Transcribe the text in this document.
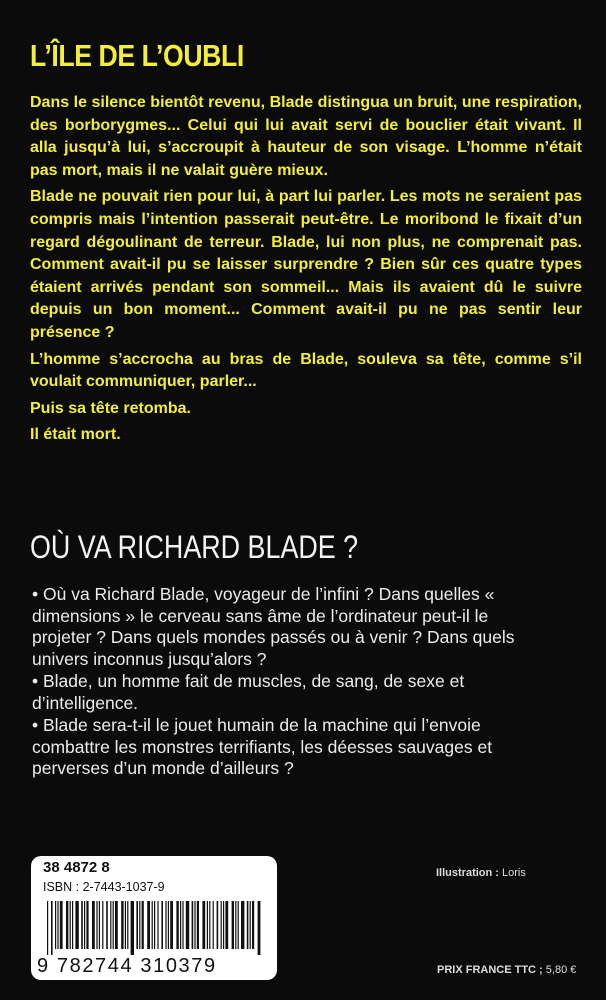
L’ÎLE DE L’OUBLI

Dans le silence bientôt revenu, Blade distingua un bruit, une respiration, des borborygmes... Celui qui lui avait servi de bouclier était vivant. Il alla jusqu’à lui, s’accroupit à hauteur de son visage. L’homme n’était pas mort, mais il ne valait guère mieux.

Blade ne pouvait rien pour lui, à part lui parler. Les mots ne seraient pas compris mais l’intention passerait peut-être. Le moribond le fixait d’un regard dégoulinant de terreur. Blade, lui non plus, ne comprenait pas. Comment avait-il pu se laisser surprendre ? Bien sûr ces quatre types étaient arrivés pendant son sommeil... Mais ils avaient dû le suivre depuis un bon moment... Comment avait-il pu ne pas sentir leur présence ?

L’homme s’accrocha au bras de Blade, souleva sa tête, comme s’il voulait communiquer, parler...

Puis sa tête retomba.

Il était mort.

OÙ VA RICHARD BLADE ?

• Où va Richard Blade, voyageur de l’infini ? Dans quelles « dimensions » le cerveau sans âme de l’ordinateur peut-il le projeter ? Dans quels mondes passés ou à venir ? Dans quels univers inconnus jusqu’alors ?

• Blade, un homme fait de muscles, de sang, de sexe et d’intelligence.

• Blade sera-t-il le jouet humain de la machine qui l’envoie combattre les monstres terrifiants, les déesses sauvages et perverses d’un monde d’ailleurs ?

38 4872 8
ISBN : 2-7443-1037-9
9 782744 310379
Illustration : Loris
PRIX FRANCE TTC ; 5,80 €
